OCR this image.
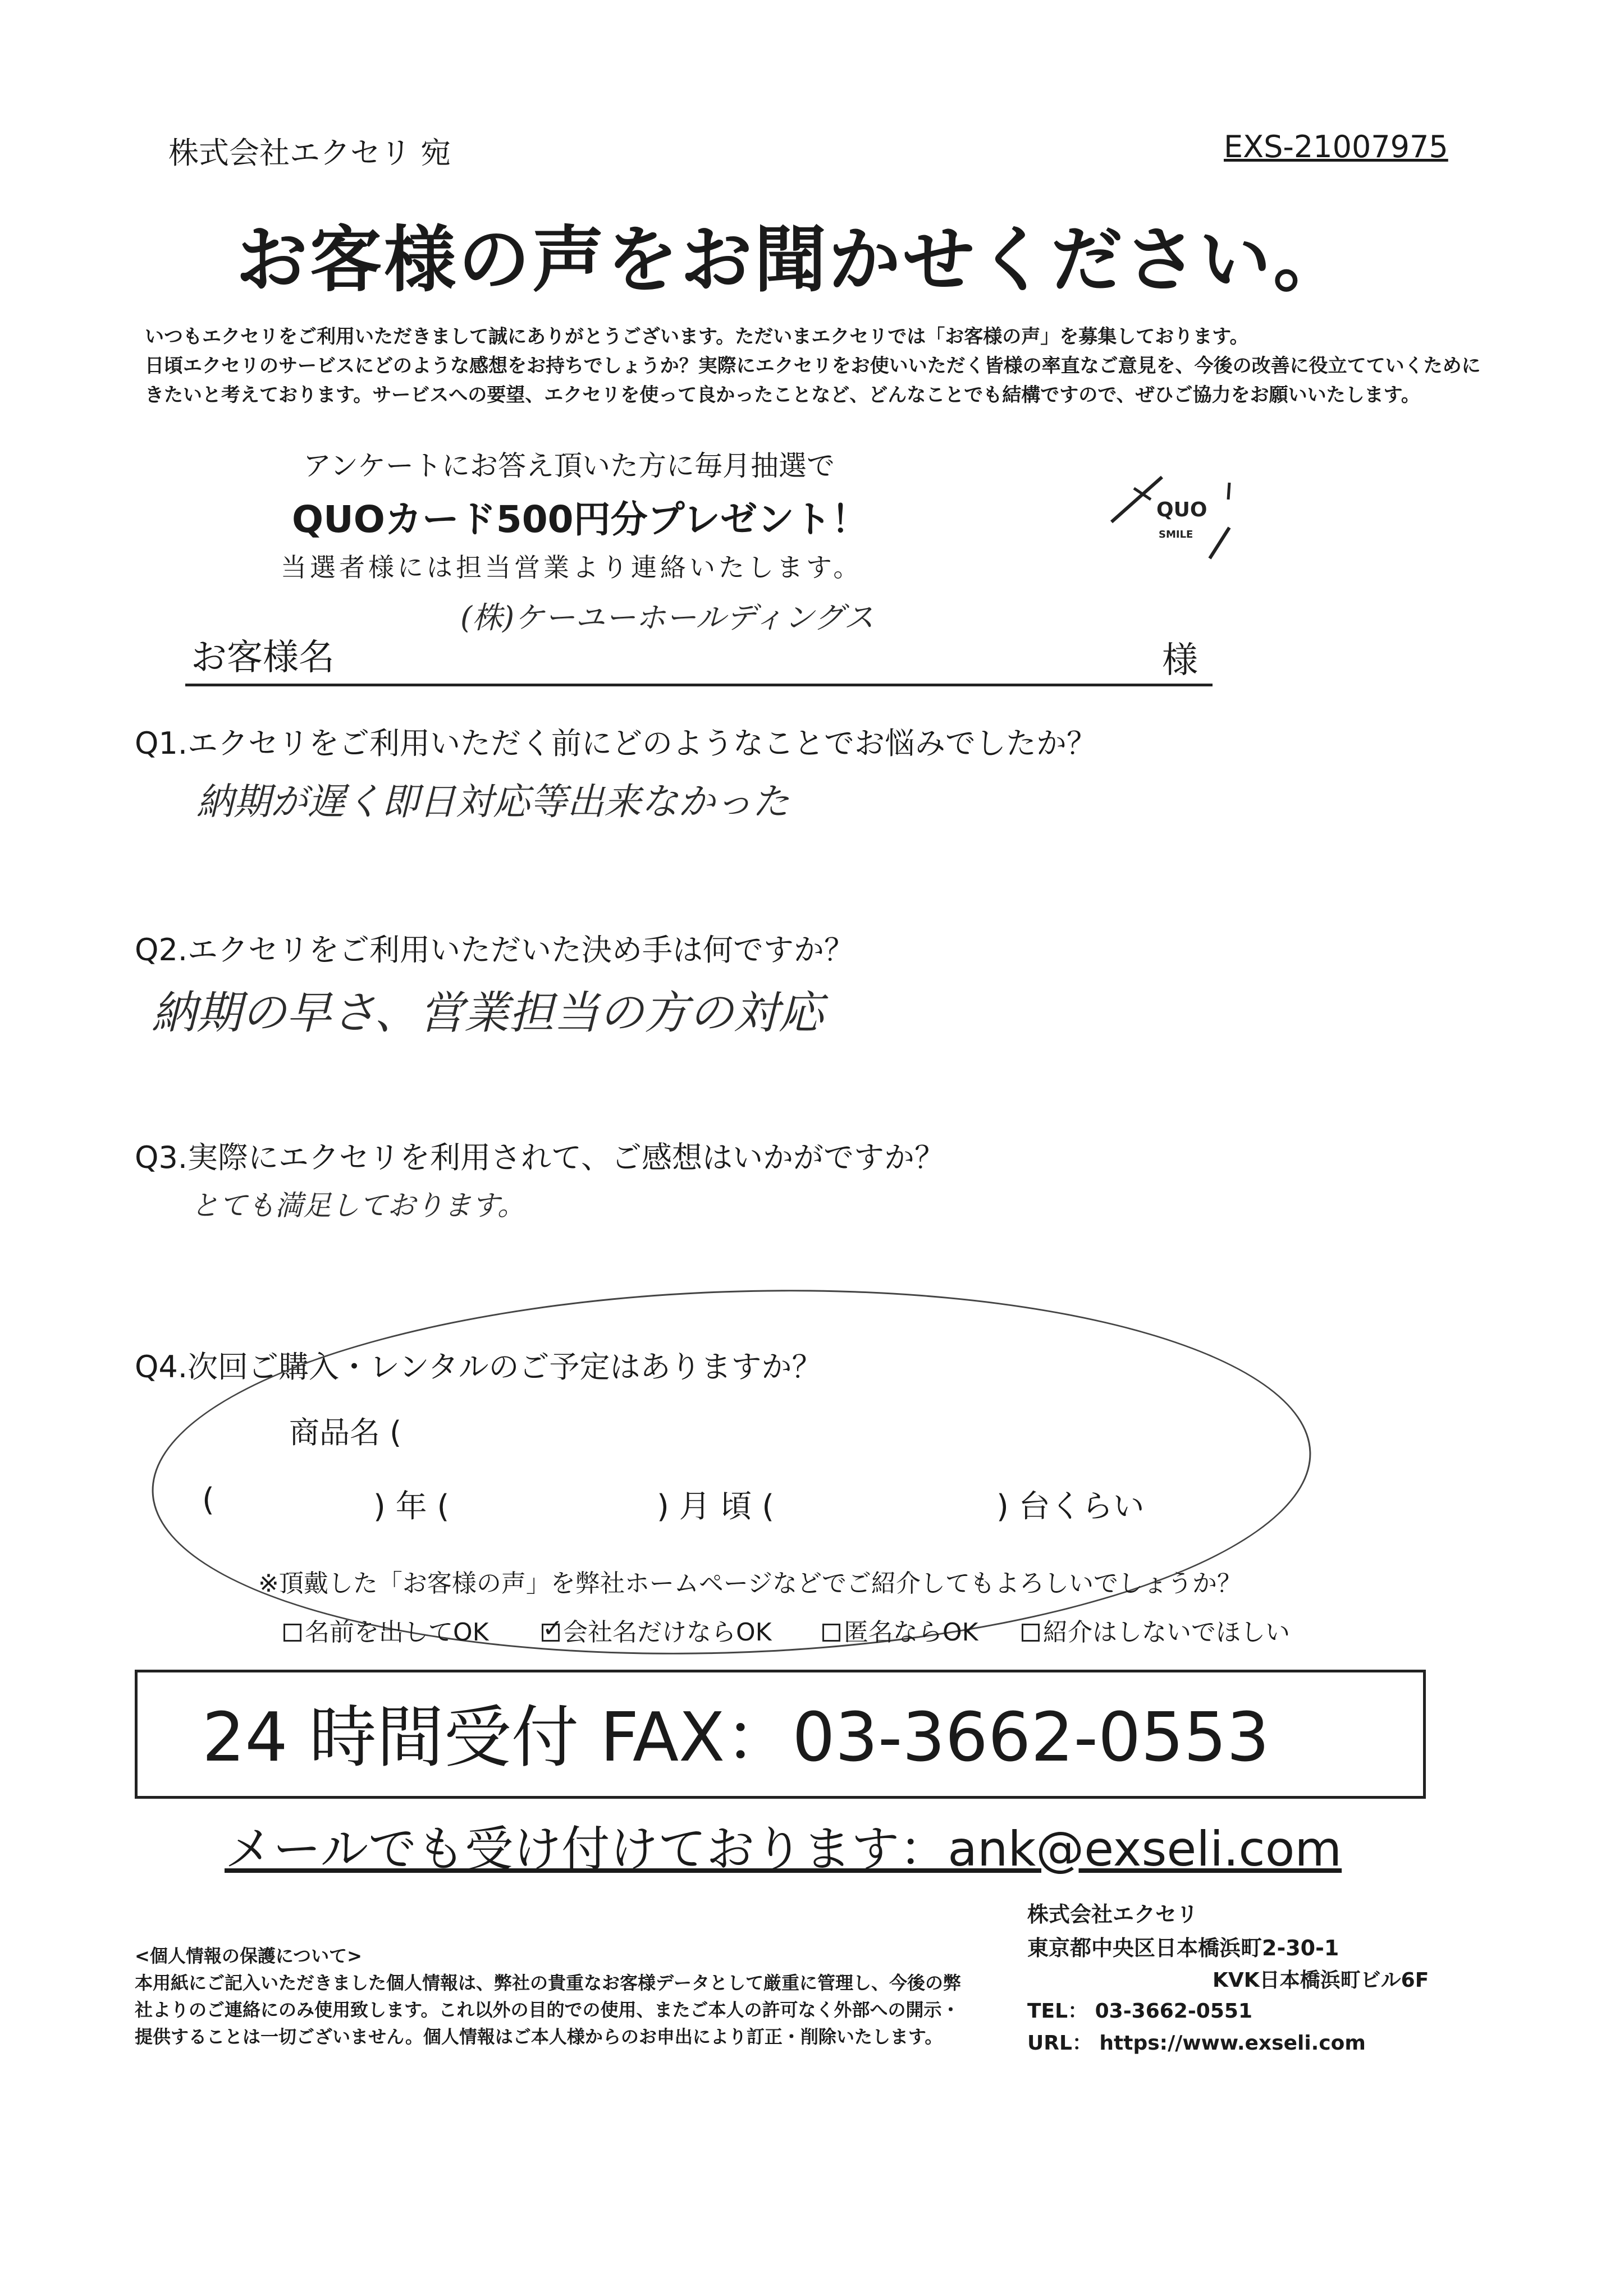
株式会社エクセリ 宛	EXS-21007975
お客様の声をお聞かせください。
いつもエクセリをご利用いただきまして誠にありがとうございます。ただいまエクセリでは「お客様の声」を募集しております。
日頃エクセリのサービスにどのような感想をお持ちでしょうか？実際にエクセリをお使いいただく皆様の率直なご意見を、今後の改善に役立てていくために
きたいと考えております。サービスへの要望、エクセリを使って良かったことなど、どんなことでも結構ですので、ぜひご協力をお願いいたします。
アンケートにお答え頂いた方に毎月抽選で
QUOカード500円分プレゼント！
当選者様には担当営業より連絡いたします。
QUO
SMILE
(株)ケーユーホールディングス
お客様名	様
Q1.エクセリをご利用いただく前にどのようなことでお悩みでしたか？
納期が遅く即日対応等出来なかった
Q2.エクセリをご利用いただいた決め手は何ですか？
納期の早さ、営業担当の方の対応
Q3.実際にエクセリを利用されて、ご感想はいかがですか？
とても満足しております。
Q4.次回ご購入・レンタルのご予定はありますか？
商品名 (
(	) 年 (	) 月 頃 (	) 台くらい
※頂戴した「お客様の声」を弊社ホームページなどでご紹介してもよろしいでしょうか？
名前を出してOK
✓	会社名だけならOK	匿名ならOK	紹介はしないでほしい
24 時間受付 FAX：03-3662-0553
メールでも受け付けております：ank@exseli.com
<個人情報の保護について>
本用紙にご記入いただきました個人情報は、弊社の貴重なお客様データとして厳重に管理し、今後の弊
社よりのご連絡にのみ使用致します。これ以外の目的での使用、またご本人の許可なく外部への開示・
提供することは一切ございません。個人情報はご本人様からのお申出により訂正・削除いたします。
株式会社エクセリ
東京都中央区日本橋浜町2-30-1
KVK日本橋浜町ビル6F
TEL： 03-3662-0551
URL： https://www.exseli.com
